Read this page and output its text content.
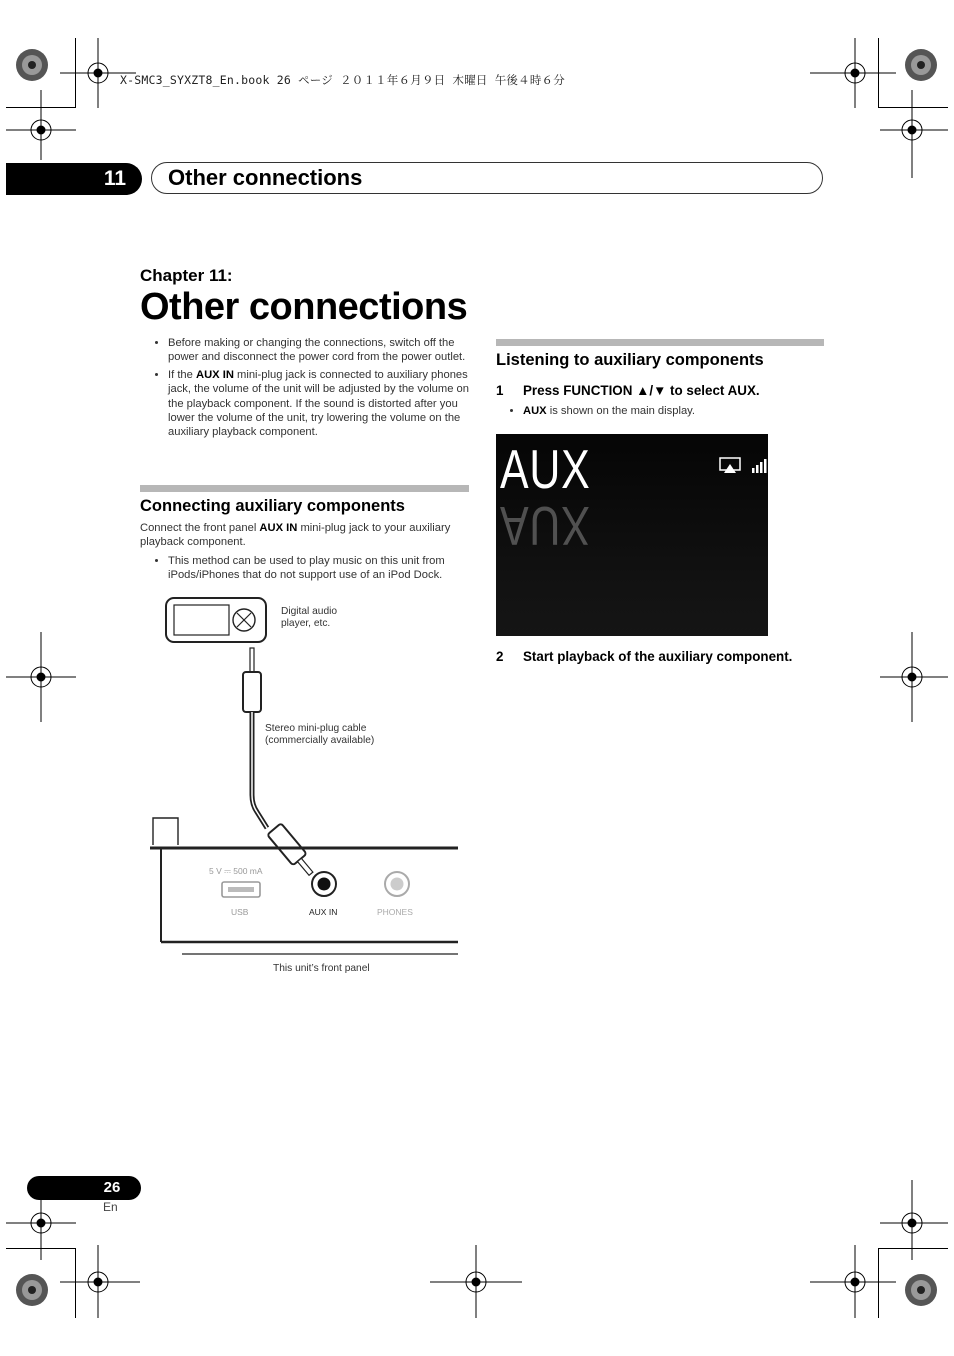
X-SMC3_SYXZT8_En.book 26 ページ ２０１１年６月９日 木曜日 午後４時６分
11	Other connections
Chapter 11:
Other connections
• Before making or changing the connections, switch off the power and disconnect the power cord from the power outlet.
• If the AUX IN mini-plug jack is connected to auxiliary phones jack, the volume of the unit will be adjusted by the volume on the playback component. If the sound is distorted after you lower the volume of the unit, try lowering the volume on the auxiliary playback component.
Connecting auxiliary components
Connect the front panel AUX IN mini-plug jack to your auxiliary playback component.
• This method can be used to play music on this unit from iPods/iPhones that do not support use of an iPod Dock.
Digital audio
player, etc.
Stereo mini-plug cable
(commercially available)
5 V ⎓ 500 mA
USB	AUX IN	PHONES
This unit’s front panel
Listening to auxiliary components
1 Press FUNCTION ▲/▼ to select AUX.
• AUX is shown on the main display.
AUX
AUX
2 Start playback of the auxiliary component.
26
En
